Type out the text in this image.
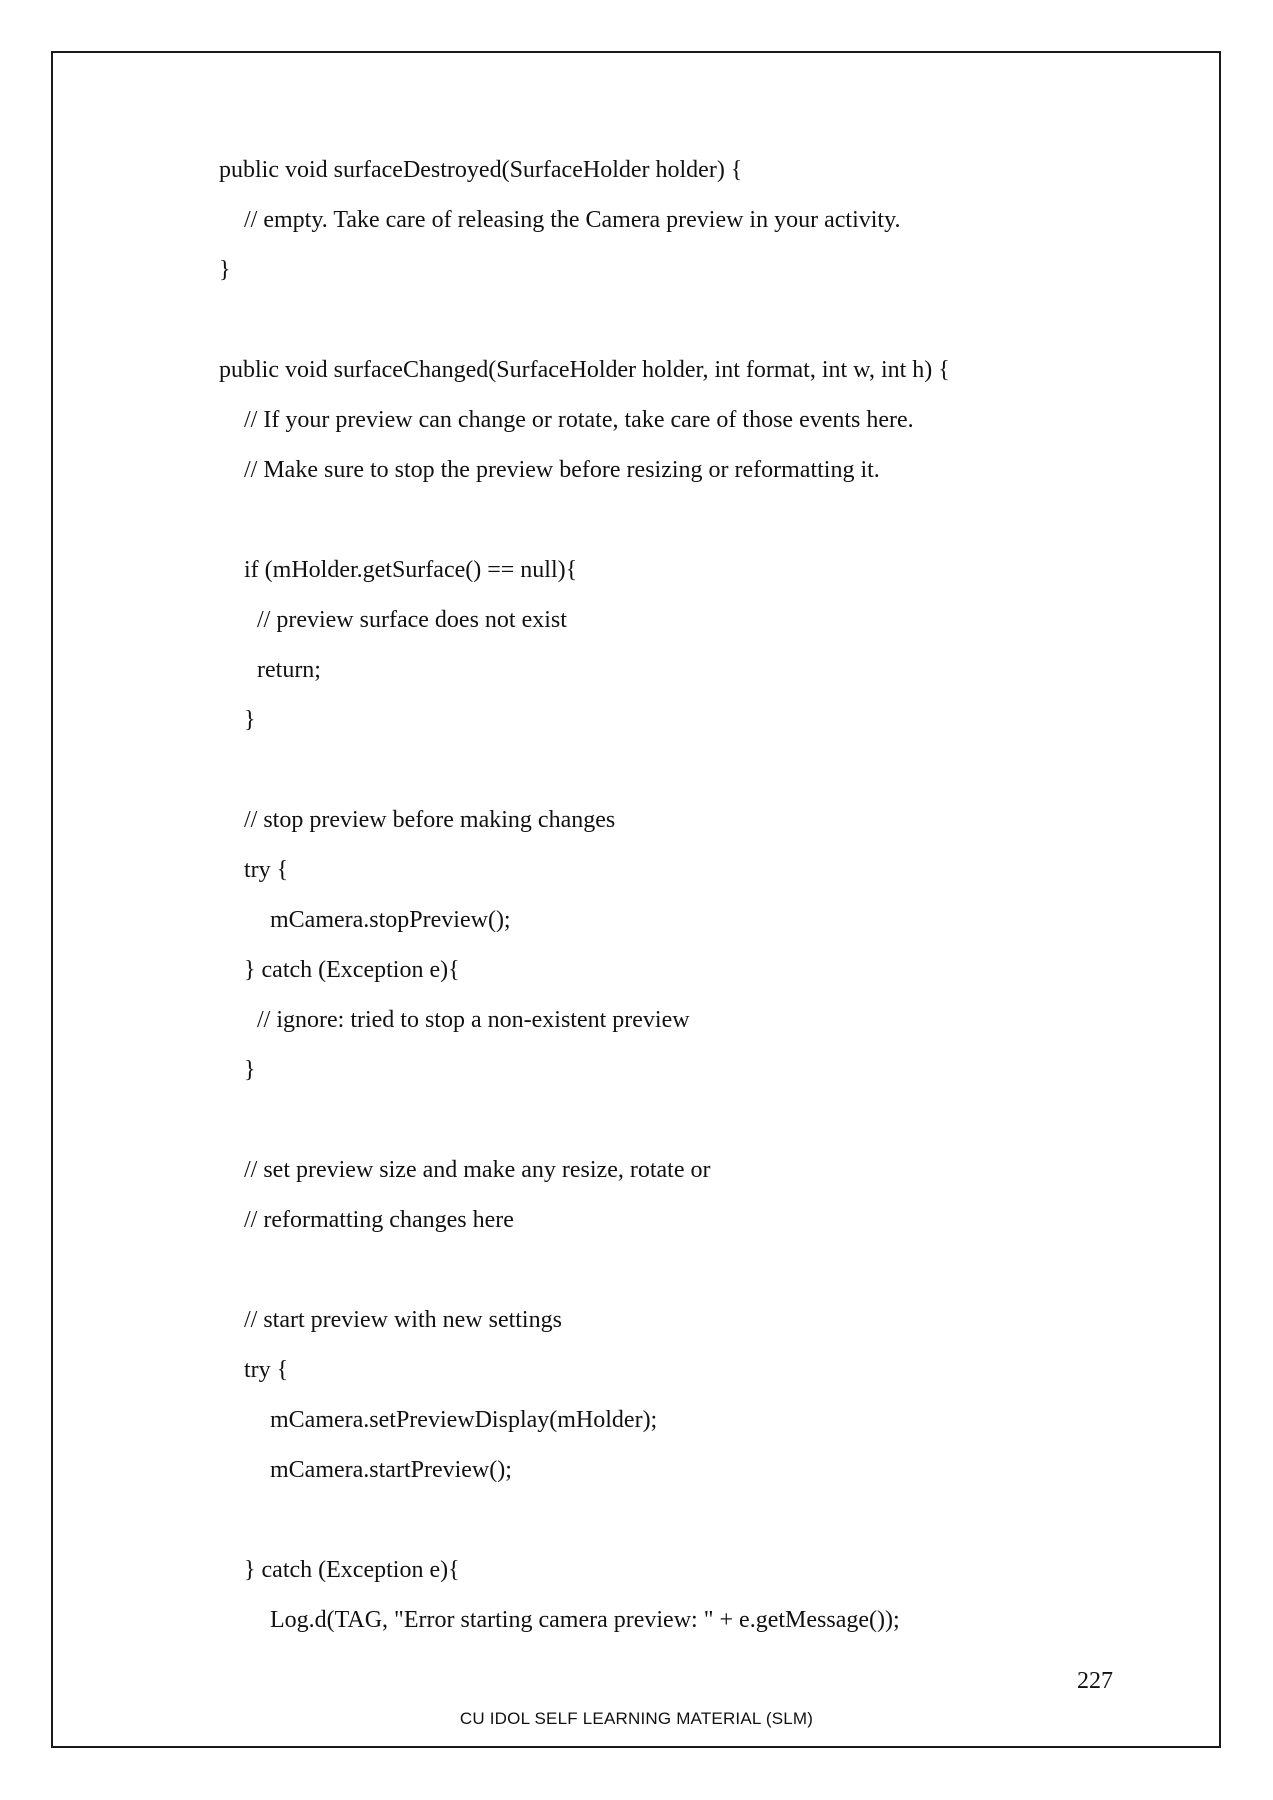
public void surfaceDestroyed(SurfaceHolder holder) {
// empty. Take care of releasing the Camera preview in your activity.
}
public void surfaceChanged(SurfaceHolder holder, int format, int w, int h) {
// If your preview can change or rotate, take care of those events here.
// Make sure to stop the preview before resizing or reformatting it.
if (mHolder.getSurface() == null){
// preview surface does not exist
return;
}
// stop preview before making changes
try {
mCamera.stopPreview();
} catch (Exception e){
// ignore: tried to stop a non-existent preview
}
// set preview size and make any resize, rotate or
// reformatting changes here
// start preview with new settings
try {
mCamera.setPreviewDisplay(mHolder);
mCamera.startPreview();
} catch (Exception e){
Log.d(TAG, "Error starting camera preview: " + e.getMessage());
227
CU IDOL SELF LEARNING MATERIAL (SLM)
